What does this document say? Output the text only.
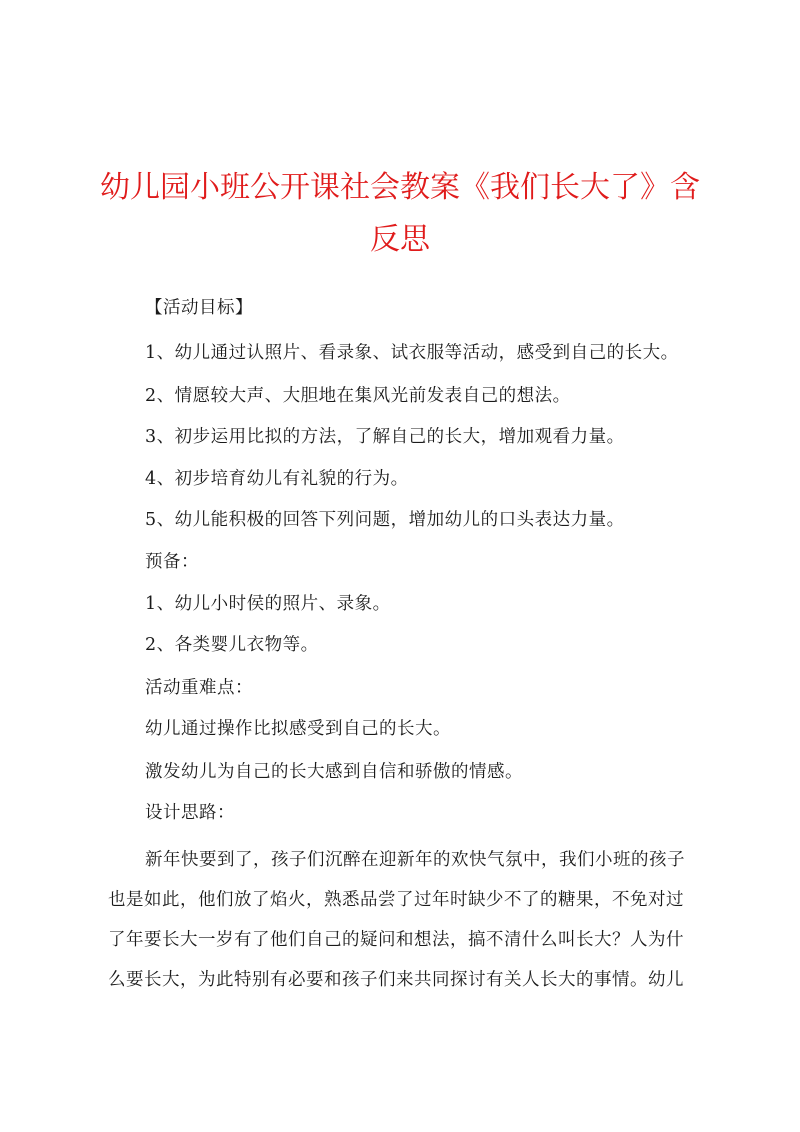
幼儿园小班公开课社会教案《我们长大了》含
反思
【活动目标】
1、幼儿通过认照片、看录象、试衣服等活动，感受到自己的长大。
2、情愿较大声、大胆地在集风光前发表自己的想法。
3、初步运用比拟的方法，了解自己的长大，增加观看力量。
4、初步培育幼儿有礼貌的行为。
5、幼儿能积极的回答下列问题，增加幼儿的口头表达力量。
预备：
1、幼儿小时侯的照片、录象。
2、各类婴儿衣物等。
活动重难点：
幼儿通过操作比拟感受到自己的长大。
激发幼儿为自己的长大感到自信和骄傲的情感。
设计思路：
新年快要到了，孩子们沉醉在迎新年的欢快气氛中，我们小班的孩子
也是如此，他们放了焰火，熟悉品尝了过年时缺少不了的糖果，不免对过
了年要长大一岁有了他们自己的疑问和想法，搞不清什么叫长大？人为什
么要长大，为此特别有必要和孩子们来共同探讨有关人长大的事情。幼儿
